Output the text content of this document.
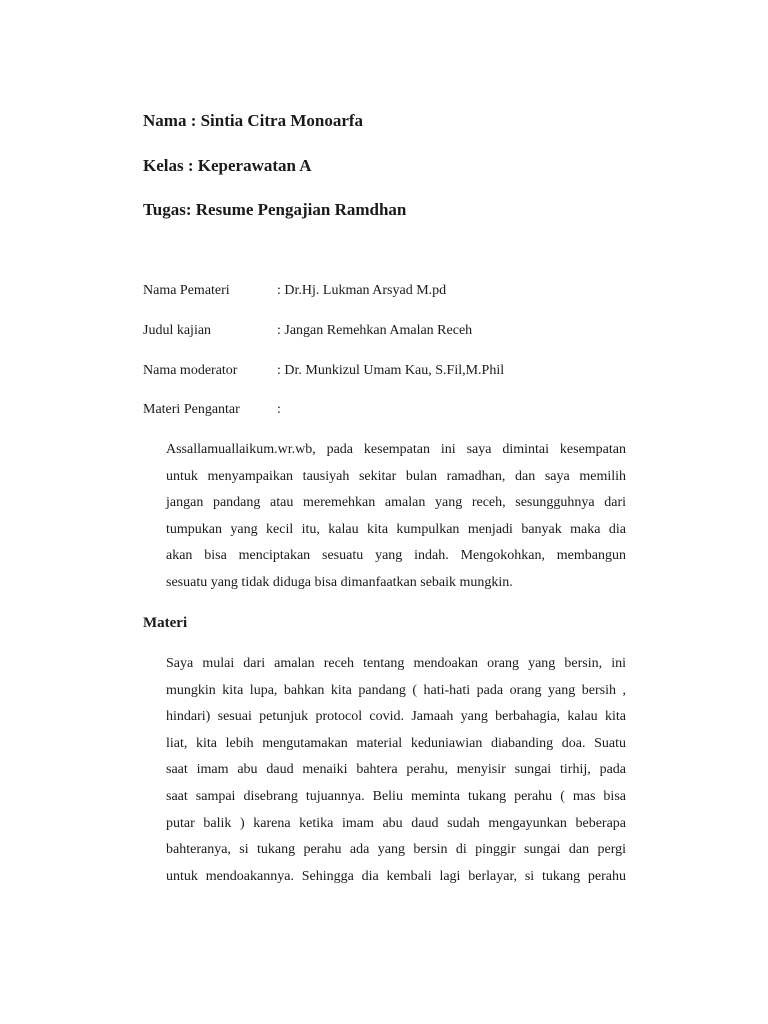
Nama : Sintia Citra Monoarfa
Kelas : Keperawatan A
Tugas: Resume Pengajian Ramdhan
Nama Pemateri	: Dr.Hj. Lukman Arsyad M.pd
Judul kajian	: Jangan Remehkan Amalan Receh
Nama moderator	: Dr. Munkizul Umam Kau, S.Fil,M.Phil
Materi Pengantar	:
Assallamuallaikum.wr.wb, pada kesempatan ini saya dimintai kesempatan
untuk menyampaikan tausiyah sekitar bulan ramadhan, dan saya memilih
jangan pandang atau meremehkan amalan yang receh, sesungguhnya dari
tumpukan yang kecil itu, kalau kita kumpulkan menjadi banyak maka dia
akan bisa menciptakan sesuatu yang indah. Mengokohkan, membangun
sesuatu yang tidak diduga bisa dimanfaatkan sebaik mungkin.
Materi
Saya mulai dari amalan receh tentang mendoakan orang yang bersin, ini
mungkin kita lupa, bahkan kita pandang ( hati-hati pada orang yang bersih ,
hindari) sesuai petunjuk protocol covid. Jamaah yang berbahagia, kalau kita
liat, kita lebih mengutamakan material keduniawian diabanding doa. Suatu
saat imam abu daud menaiki bahtera perahu, menyisir sungai tirhij, pada
saat sampai disebrang tujuannya. Beliu meminta tukang perahu ( mas bisa
putar balik ) karena ketika imam abu daud sudah mengayunkan beberapa
bahteranya, si tukang perahu ada yang bersin di pinggir sungai dan pergi
untuk mendoakannya. Sehingga dia kembali lagi berlayar, si tukang perahu
